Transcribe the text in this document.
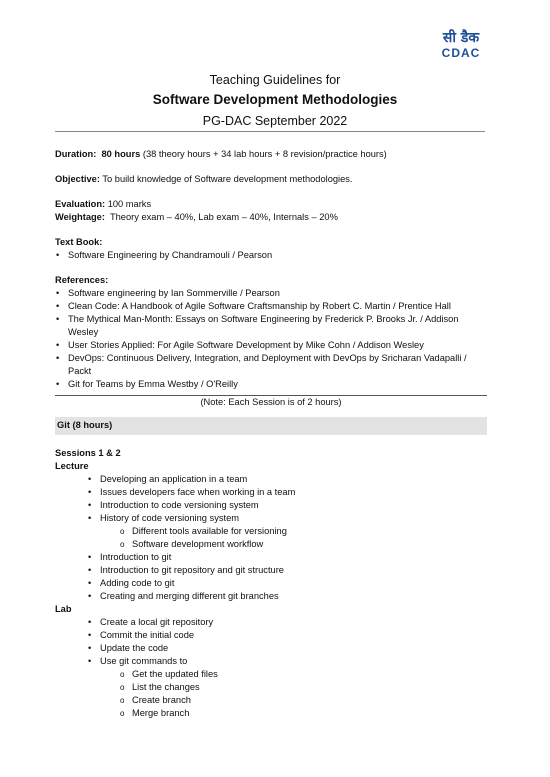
सी डैक
CDAC
Teaching Guidelines for
Software Development Methodologies
PG-DAC September 2022

Duration: 80 hours (38 theory hours + 34 lab hours + 8 revision/practice hours)

Objective: To build knowledge of Software development methodologies.

Evaluation: 100 marks

Weightage: Theory exam – 40%, Lab exam – 40%, Internals – 20%

Text Book:

• Software Engineering by Chandramouli / Pearson

References:

• Software engineering by Ian Sommerville / Pearson
• Clean Code: A Handbook of Agile Software Craftsmanship by Robert C. Martin / Prentice Hall
• The Mythical Man-Month: Essays on Software Engineering by Frederick P. Brooks Jr. / Addison Wesley
• User Stories Applied: For Agile Software Development by Mike Cohn / Addison Wesley
• DevOps: Continuous Delivery, Integration, and Deployment with DevOps by Sricharan Vadapalli / Packt
• Git for Teams by Emma Westby / O'Reilly

(Note: Each Session is of 2 hours)

Git (8 hours)

Sessions 1 & 2

Lecture

• Developing an application in a team
• Issues developers face when working in a team
• Introduction to code versioning system
• History of code versioning system
o Different tools available for versioning
o Software development workflow
• Introduction to git
• Introduction to git repository and git structure
• Adding code to git
• Creating and merging different git branches

Lab

• Create a local git repository
• Commit the initial code
• Update the code
• Use git commands to
o Get the updated files
o List the changes
o Create branch
o Merge branch
